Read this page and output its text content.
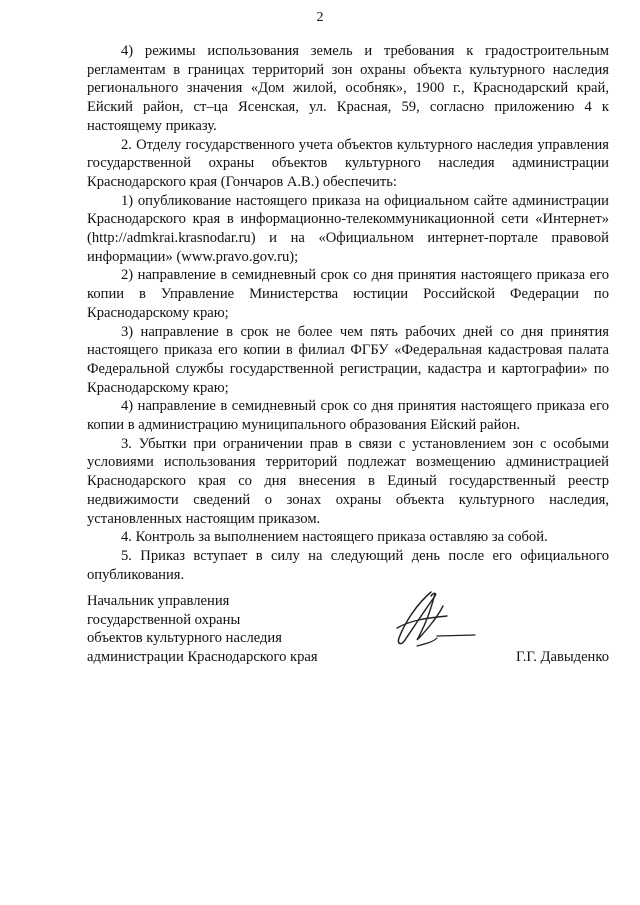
2

4) режимы использования земель и требования к градостроительным регламентам в границах территорий зон охраны объекта культурного наследия регионального значения «Дом жилой, особняк», 1900 г., Краснодарский край, Ейский район, ст–ца Ясенская, ул. Красная, 59, согласно приложению 4 к настоящему приказу.

2. Отделу государственного учета объектов культурного наследия управления государственной охраны объектов культурного наследия администрации Краснодарского края (Гончаров А.В.) обеспечить:

1) опубликование настоящего приказа на официальном сайте администрации Краснодарского края в информационно-телекоммуникационной сети «Интернет» (http://admkrai.krasnodar.ru) и на «Официальном интернет-портале правовой информации» (www.pravo.gov.ru);

2) направление в семидневный срок со дня принятия настоящего приказа его копии в Управление Министерства юстиции Российской Федерации по Краснодарскому краю;

3) направление в срок не более чем пять рабочих дней со дня принятия настоящего приказа его копии в филиал ФГБУ «Федеральная кадастровая палата Федеральной службы государственной регистрации, кадастра и картографии» по Краснодарскому краю;

4) направление в семидневный срок со дня принятия настоящего приказа его копии в администрацию муниципального образования Ейский район.

3. Убытки при ограничении прав в связи с установлением зон с особыми условиями использования территорий подлежат возмещению администрацией Краснодарского края со дня внесения в Единый государственный реестр недвижимости сведений о зонах охраны объекта культурного наследия, установленных настоящим приказом.

4. Контроль за выполнением настоящего приказа оставляю за собой.

5. Приказ вступает в силу на следующий день после его официального опубликования.

Начальник управления
государственной охраны
объектов культурного наследия
администрации Краснодарского края	Г.Г. Давыденко
